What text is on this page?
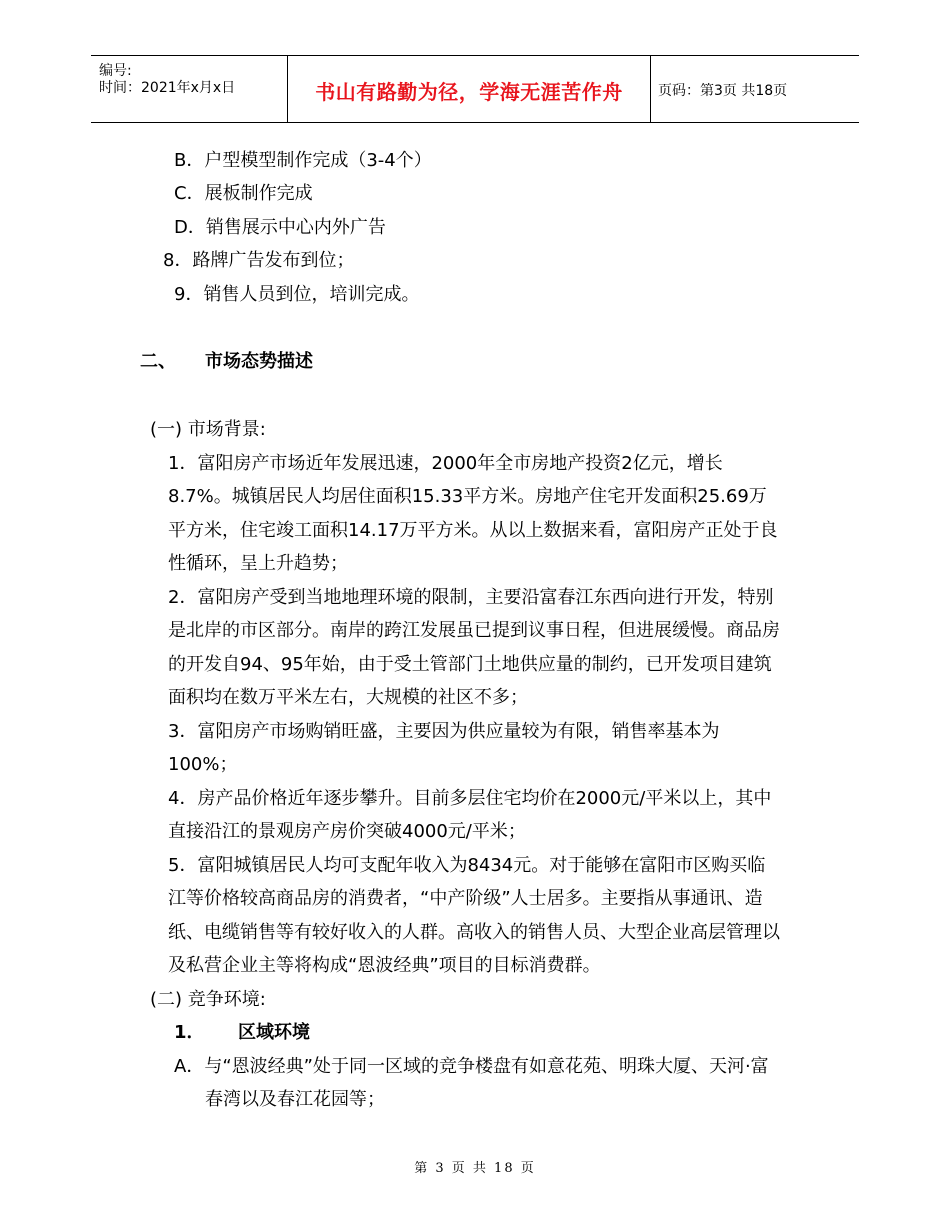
编号:
时间：2021年x月x日	书山有路勤为径，学海无涯苦作舟	页码：第3页 共18页
B．户型模型制作完成（3-4个）
C．展板制作完成
D．销售展示中心内外广告
8．路牌广告发布到位；
9．销售人员到位，培训完成。
二、 市场态势描述
(一) 市场背景:
1．富阳房产市场近年发展迅速，2000年全市房地产投资2亿元，增长
8.7%。城镇居民人均居住面积15.33平方米。房地产住宅开发面积25.69万
平方米，住宅竣工面积14.17万平方米。从以上数据来看，富阳房产正处于良
性循环，呈上升趋势；
2．富阳房产受到当地地理环境的限制，主要沿富春江东西向进行开发，特别
是北岸的市区部分。南岸的跨江发展虽已提到议事日程，但进展缓慢。商品房
的开发自94、95年始，由于受土管部门土地供应量的制约，已开发项目建筑
面积均在数万平米左右，大规模的社区不多；
3．富阳房产市场购销旺盛，主要因为供应量较为有限，销售率基本为
100%；
4．房产品价格近年逐步攀升。目前多层住宅均价在2000元/平米以上，其中
直接沿江的景观房产房价突破4000元/平米；
5．富阳城镇居民人均可支配年收入为8434元。对于能够在富阳市区购买临
江等价格较高商品房的消费者，“中产阶级”人士居多。主要指从事通讯、造
纸、电缆销售等有较好收入的人群。高收入的销售人员、大型企业高层管理以
及私营企业主等将构成“恩波经典”项目的目标消费群。
(二) 竞争环境:
1． 区域环境
A．与“恩波经典”处于同一区域的竞争楼盘有如意花苑、明珠大厦、天河·富
春湾以及春江花园等；
第 3 页 共 18 页
